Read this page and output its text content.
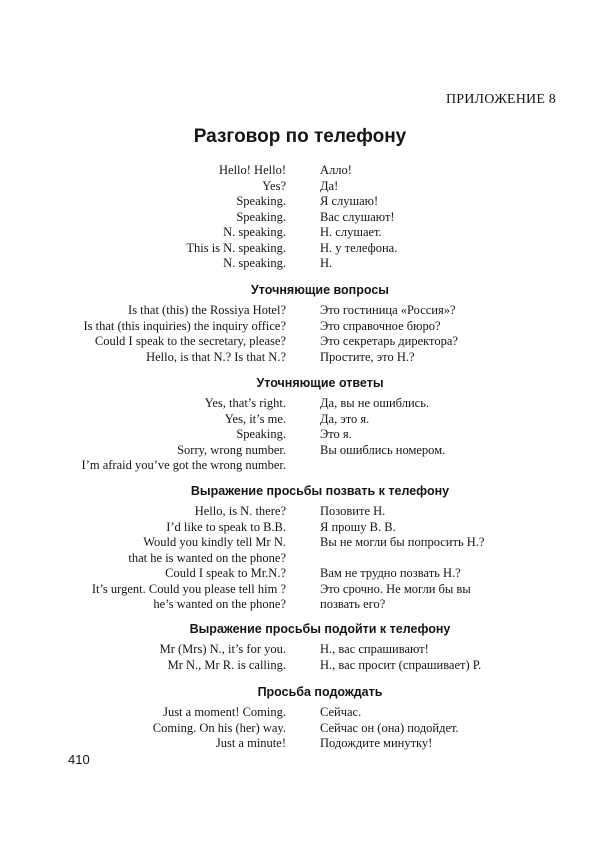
ПРИЛОЖЕНИЕ 8
Разговор по телефону
Hello! Hello!	Алло!
Yes?	Да!
Speaking.	Я слушаю!
Speaking.	Вас слушают!
N. speaking.	Н. слушает.
This is N. speaking.	Н. у телефона.
N. speaking.	Н.
Уточняющие вопросы
Is that (this) the Rossiya Hotel?	Это гостиница «Россия»?
Is that (this inquiries) the inquiry office?	Это справочное бюро?
Could I speak to the secretary, please?	Это секретарь директора?
Hello, is that N.? Is that N.?	Простите, это Н.?
Уточняющие ответы
Yes, that’s right.	Да, вы не ошиблись.
Yes, it’s me.	Да, это я.
Speaking.	Это я.
Sorry, wrong number.	Вы ошиблись номером.
I’m afraid you’ve got the wrong number.
Выражение просьбы позвать к телефону
Hello, is N. there?	Позовите Н.
I’d like to speak to B.B.	Я прошу В. В.
Would you kindly tell Mr N.	Вы не могли бы попросить Н.?
that he is wanted on the phone?
Could I speak to Mr.N.?	Вам не трудно позвать Н.?
It’s urgent. Could you please tell him ?	Это срочно. Не могли бы вы
he’s wanted on the phone?	позвать его?
Выражение просьбы подойти к телефону
Mr (Mrs) N., it’s for you.	Н., вас спрашивают!
Mr N., Mr R. is calling.	Н., вас просит (спрашивает) Р.
Просьба подождать
Just a moment! Coming.	Сейчас.
Coming. On his (her) way.	Сейчас он (она) подойдет.
Just a minute!	Подождите минутку!
410
